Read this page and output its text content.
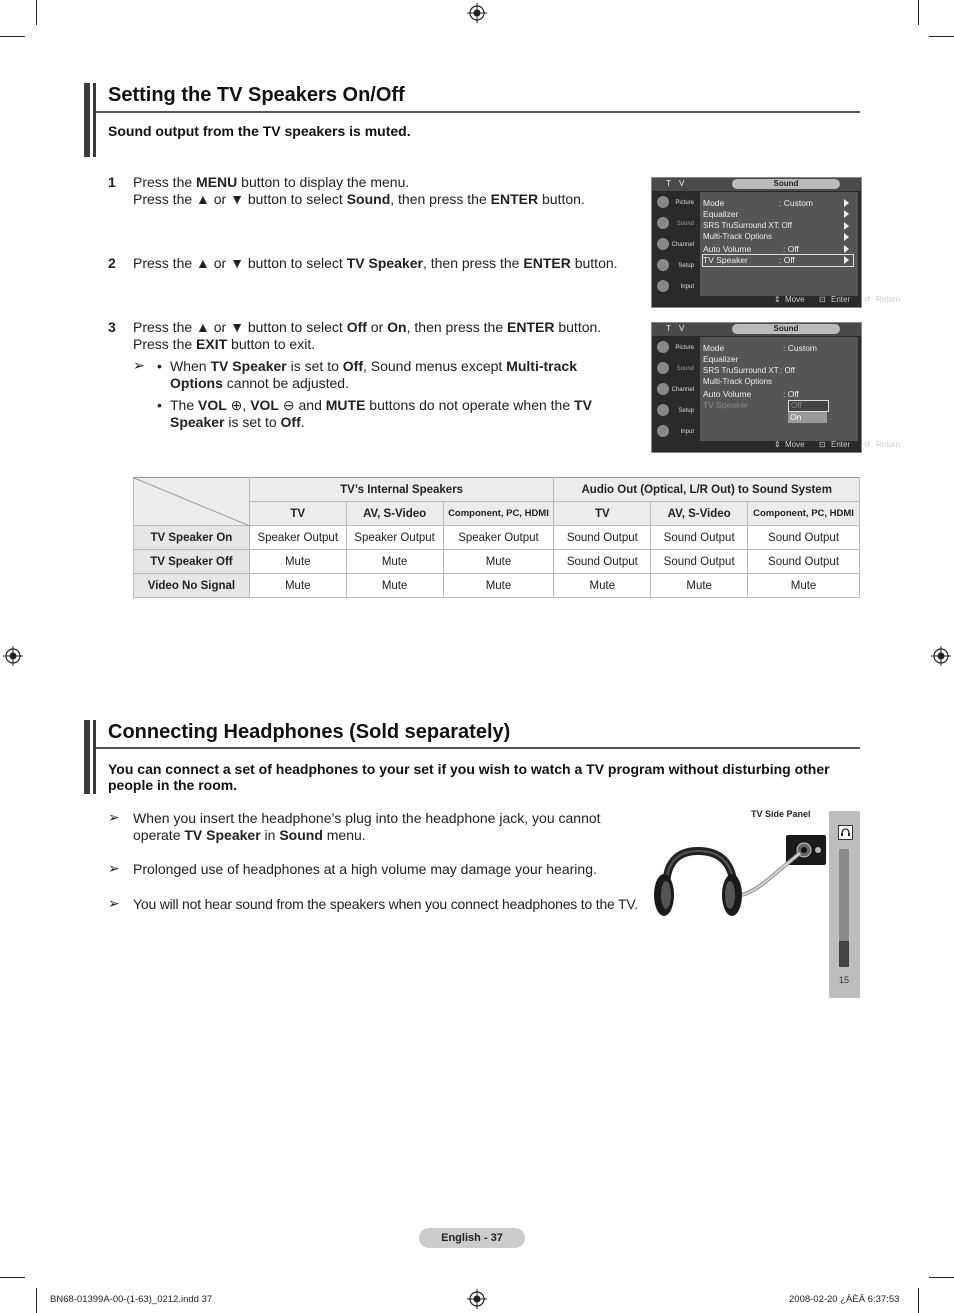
Setting the TV Speakers On/Off
Sound output from the TV speakers is muted.
1 Press the MENU button to display the menu.
Press the ▲ or ▼ button to select Sound, then press the ENTER button.
2 Press the ▲ or ▼ button to select TV Speaker, then press the ENTER button.
3 Press the ▲ or ▼ button to select Off or On, then press the ENTER button.
Press the EXIT button to exit.
➢ • When TV Speaker is set to Off, Sound menus except Multi-track
Options cannot be adjusted.
• The VOL ⊕, VOL ⊖ and MUTE buttons do not operate when the TV
Speaker is set to Off.
T V	Sound
Picture
Sound
Channel
Setup
Input
Mode	: Custom
Equalizer
SRS TruSurround XT
: Off
Multi-Track Options
Auto Volume	: Off
TV Speaker	: Off
⇕ Move ⊡ Enter ↺ Return
T V	Sound
Picture
Sound
Channel
Setup
Input
Mode	: Custom
Equalizer
SRS TruSurround XT : Off
Multi-Track Options
Auto Volume	: Off
TV Speaker	Off
On
⇕ Move ⊡ Enter ↺ Return
	TV’s Internal Speakers			Audio Out (Optical, L/R Out) to Sound System		
	TV	AV, S-Video	Component, PC, HDMI	TV	AV, S-Video	Component, PC, HDMI
TV Speaker On	Speaker Output	Speaker Output	Speaker Output	Sound Output	Sound Output	Sound Output
TV Speaker Off	Mute	Mute	Mute	Sound Output	Sound Output	Sound Output
Video No Signal	Mute	Mute	Mute	Mute	Mute	Mute
Connecting Headphones (Sold separately)
You can connect a set of headphones to your set if you wish to watch a TV program without disturbing other
people in the room.
➢ When you insert the headphone’s plug into the headphone jack, you cannot
operate TV Speaker in Sound menu.
➢ Prolonged use of headphones at a high volume may damage your hearing.
➢ You will not hear sound from the speakers when you connect headphones to the TV.
TV Side Panel
15
English - 37
BN68-01399A-00-(1-63)_0212.indd 37	2008-02-20 ¿ÀÈÄ 6:37:53
